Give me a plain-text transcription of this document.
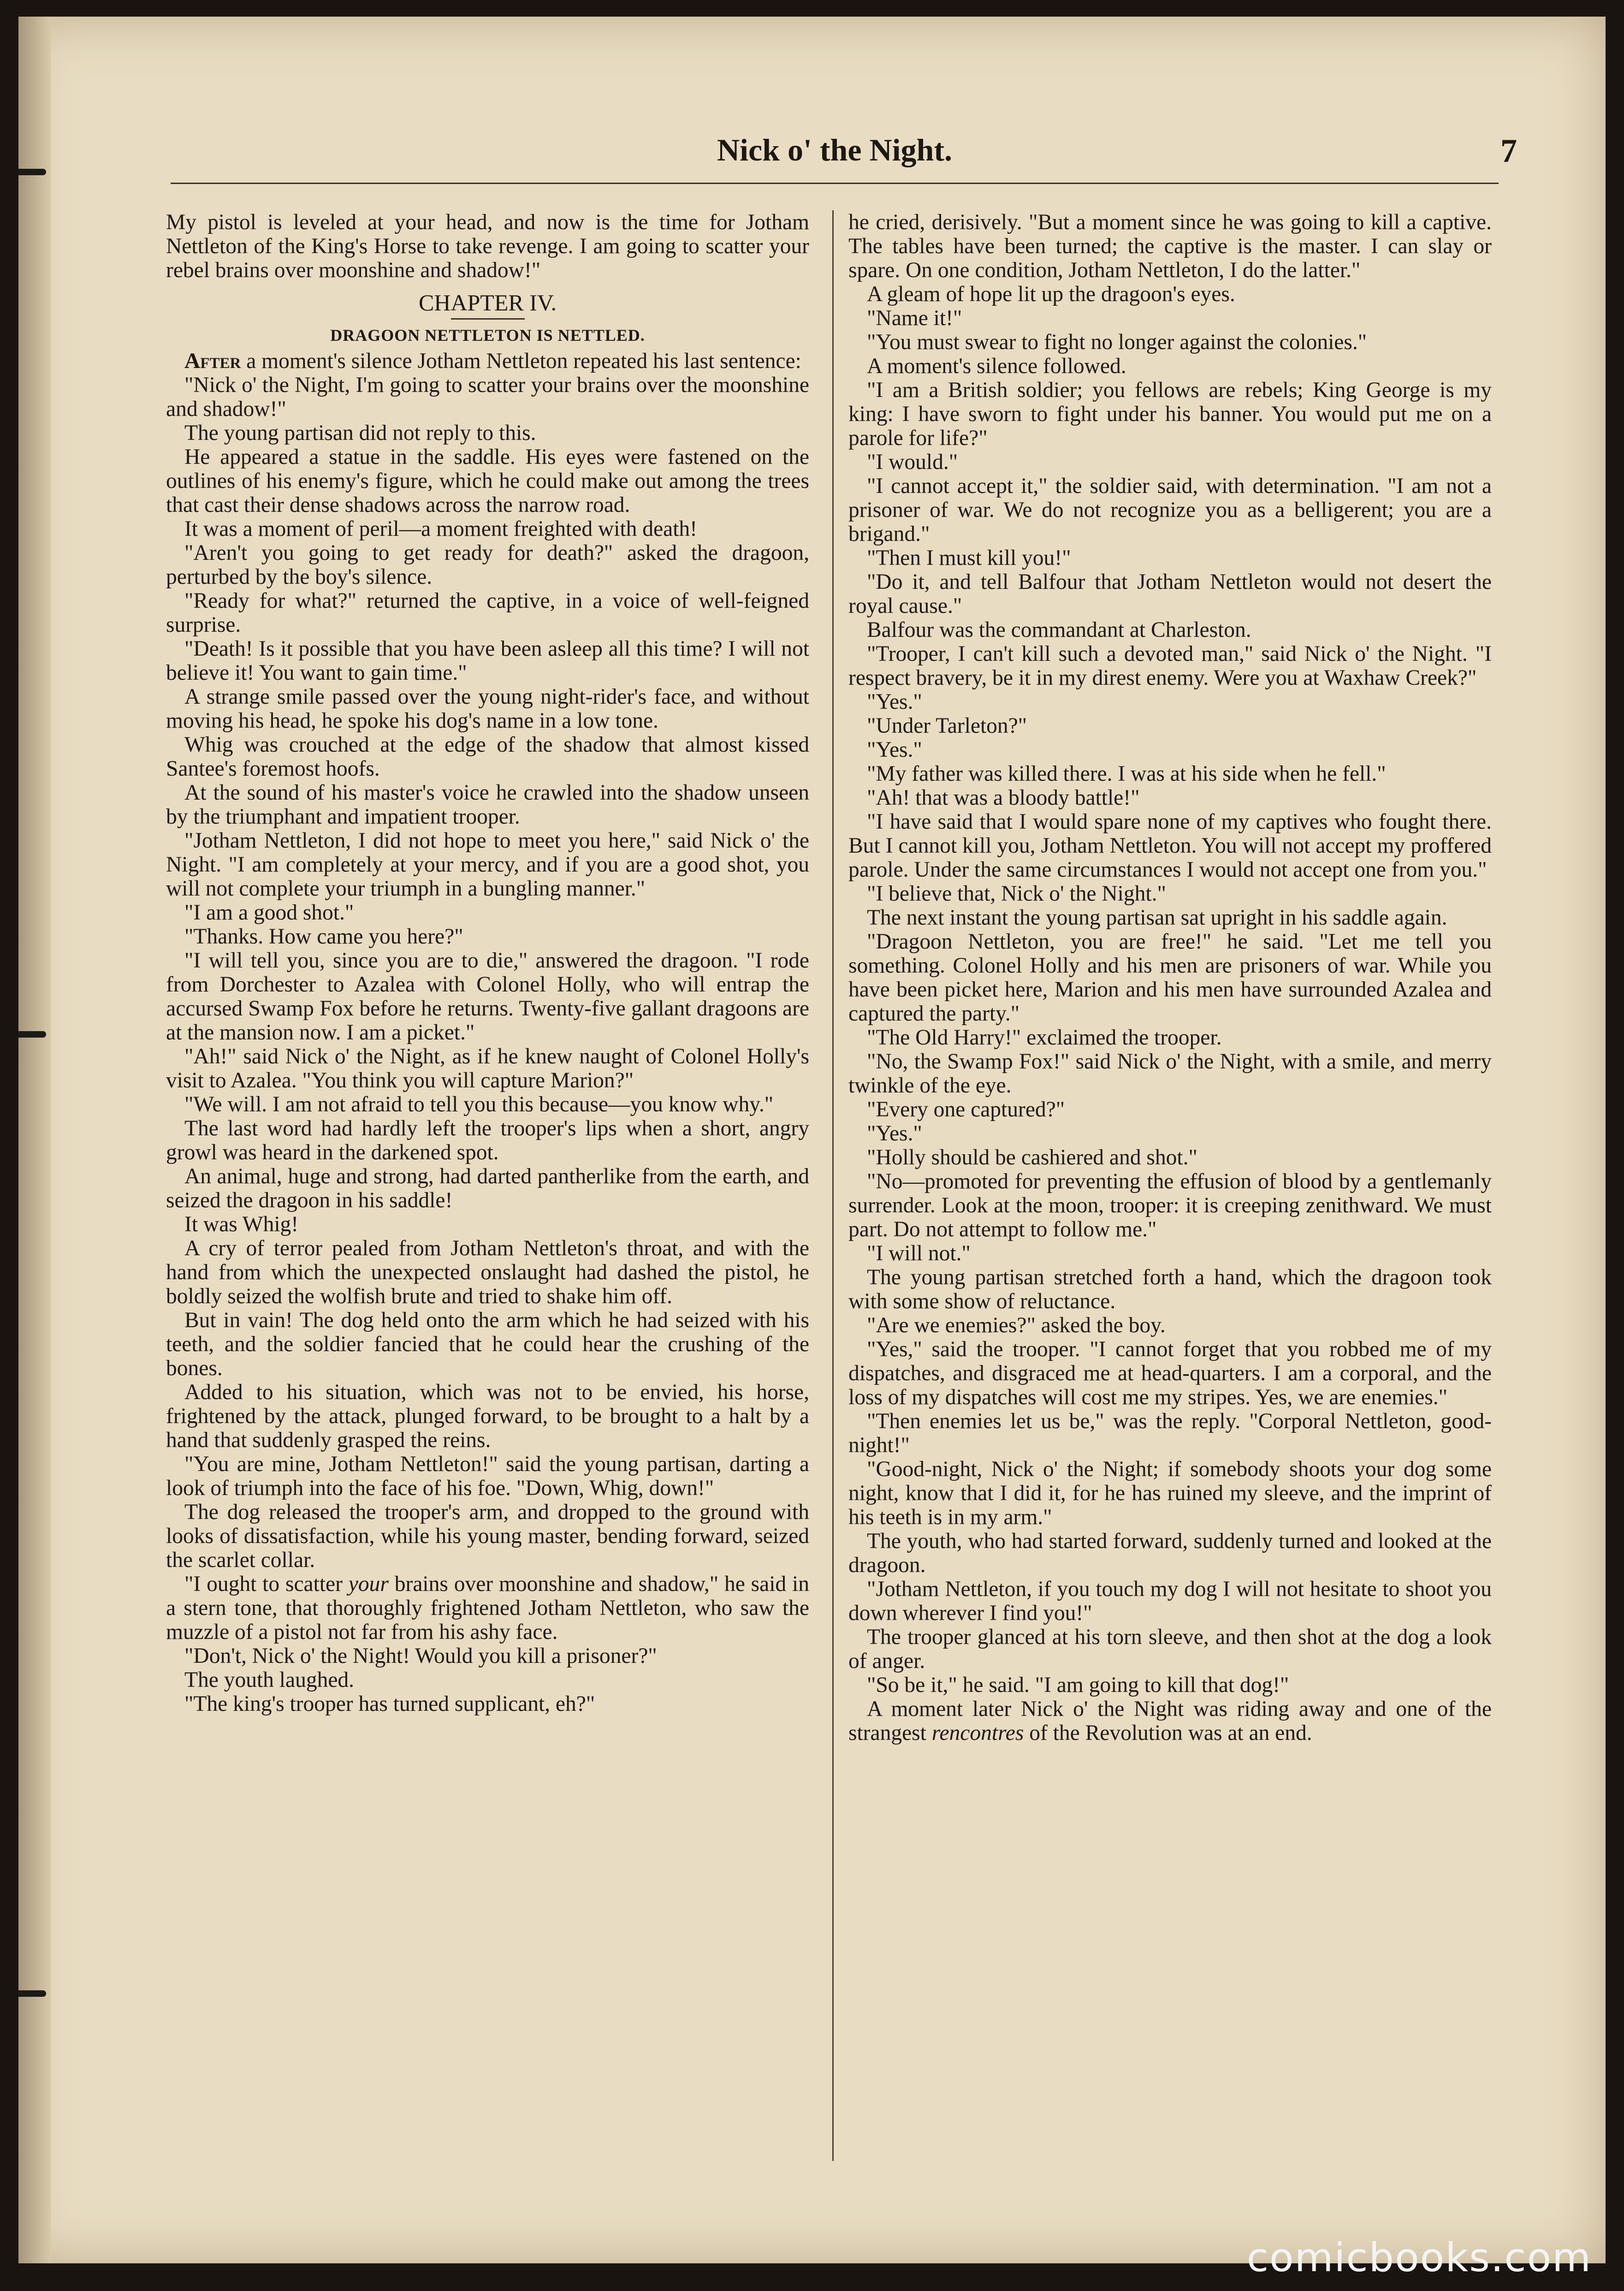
Nick o' the Night.	7

My pistol is leveled at your head, and now is the time for Jotham Nettleton of the King's Horse to take revenge. I am going to scatter your rebel brains over moonshine and shadow!"

CHAPTER IV.
DRAGOON NETTLETON IS NETTLED.

After a moment's silence Jotham Nettleton repeated his last sentence:

"Nick o' the Night, I'm going to scatter your brains over the moonshine and shadow!"

The young partisan did not reply to this.

He appeared a statue in the saddle. His eyes were fastened on the outlines of his enemy's figure, which he could make out among the trees that cast their dense shadows across the narrow road.

It was a moment of peril—a moment freighted with death!

"Aren't you going to get ready for death?" asked the dragoon, perturbed by the boy's silence.

"Ready for what?" returned the captive, in a voice of well-feigned surprise.

"Death! Is it possible that you have been asleep all this time? I will not believe it! You want to gain time."

A strange smile passed over the young night-rider's face, and without moving his head, he spoke his dog's name in a low tone.

Whig was crouched at the edge of the shadow that almost kissed Santee's foremost hoofs.

At the sound of his master's voice he crawled into the shadow unseen by the triumphant and impatient trooper.

"Jotham Nettleton, I did not hope to meet you here," said Nick o' the Night. "I am completely at your mercy, and if you are a good shot, you will not complete your triumph in a bungling manner."

"I am a good shot."

"Thanks. How came you here?"

"I will tell you, since you are to die," answered the dragoon. "I rode from Dorchester to Azalea with Colonel Holly, who will entrap the accursed Swamp Fox before he returns. Twenty-five gallant dragoons are at the mansion now. I am a picket."

"Ah!" said Nick o' the Night, as if he knew naught of Colonel Holly's visit to Azalea. "You think you will capture Marion?"

"We will. I am not afraid to tell you this because—you know why."

The last word had hardly left the trooper's lips when a short, angry growl was heard in the darkened spot.

An animal, huge and strong, had darted pantherlike from the earth, and seized the dragoon in his saddle!

It was Whig!

A cry of terror pealed from Jotham Nettleton's throat, and with the hand from which the unexpected onslaught had dashed the pistol, he boldly seized the wolfish brute and tried to shake him off.

But in vain! The dog held onto the arm which he had seized with his teeth, and the soldier fancied that he could hear the crushing of the bones.

Added to his situation, which was not to be envied, his horse, frightened by the attack, plunged forward, to be brought to a halt by a hand that suddenly grasped the reins.

"You are mine, Jotham Nettleton!" said the young partisan, darting a look of triumph into the face of his foe. "Down, Whig, down!"

The dog released the trooper's arm, and dropped to the ground with looks of dissatisfaction, while his young master, bending forward, seized the scarlet collar.

"I ought to scatter your brains over moonshine and shadow," he said in a stern tone, that thoroughly frightened Jotham Nettleton, who saw the muzzle of a pistol not far from his ashy face.

"Don't, Nick o' the Night! Would you kill a prisoner?"

The youth laughed.

"The king's trooper has turned supplicant, eh?"

he cried, derisively. "But a moment since he was going to kill a captive. The tables have been turned; the captive is the master. I can slay or spare. On one condition, Jotham Nettleton, I do the latter."

A gleam of hope lit up the dragoon's eyes.

"Name it!"

"You must swear to fight no longer against the colonies."

A moment's silence followed.

"I am a British soldier; you fellows are rebels; King George is my king: I have sworn to fight under his banner. You would put me on a parole for life?"

"I would."

"I cannot accept it," the soldier said, with determination. "I am not a prisoner of war. We do not recognize you as a belligerent; you are a brigand."

"Then I must kill you!"

"Do it, and tell Balfour that Jotham Nettleton would not desert the royal cause."

Balfour was the commandant at Charleston.

"Trooper, I can't kill such a devoted man," said Nick o' the Night. "I respect bravery, be it in my direst enemy. Were you at Waxhaw Creek?"

"Yes."

"Under Tarleton?"

"Yes."

"My father was killed there. I was at his side when he fell."

"Ah! that was a bloody battle!"

"I have said that I would spare none of my captives who fought there. But I cannot kill you, Jotham Nettleton. You will not accept my proffered parole. Under the same circumstances I would not accept one from you."

"I believe that, Nick o' the Night."

The next instant the young partisan sat upright in his saddle again.

"Dragoon Nettleton, you are free!" he said. "Let me tell you something. Colonel Holly and his men are prisoners of war. While you have been picket here, Marion and his men have surrounded Azalea and captured the party."

"The Old Harry!" exclaimed the trooper.

"No, the Swamp Fox!" said Nick o' the Night, with a smile, and merry twinkle of the eye.

"Every one captured?"

"Yes."

"Holly should be cashiered and shot."

"No—promoted for preventing the effusion of blood by a gentlemanly surrender. Look at the moon, trooper: it is creeping zenithward. We must part. Do not attempt to follow me."

"I will not."

The young partisan stretched forth a hand, which the dragoon took with some show of reluctance.

"Are we enemies?" asked the boy.

"Yes," said the trooper. "I cannot forget that you robbed me of my dispatches, and disgraced me at head-quarters. I am a corporal, and the loss of my dispatches will cost me my stripes. Yes, we are enemies."

"Then enemies let us be," was the reply. "Corporal Nettleton, good-night!"

"Good-night, Nick o' the Night; if somebody shoots your dog some night, know that I did it, for he has ruined my sleeve, and the imprint of his teeth is in my arm."

The youth, who had started forward, suddenly turned and looked at the dragoon.

"Jotham Nettleton, if you touch my dog I will not hesitate to shoot you down wherever I find you!"

The trooper glanced at his torn sleeve, and then shot at the dog a look of anger.

"So be it," he said. "I am going to kill that dog!"

A moment later Nick o' the Night was riding away and one of the strangest rencontres of the Revolution was at an end.

comicbooks.com
